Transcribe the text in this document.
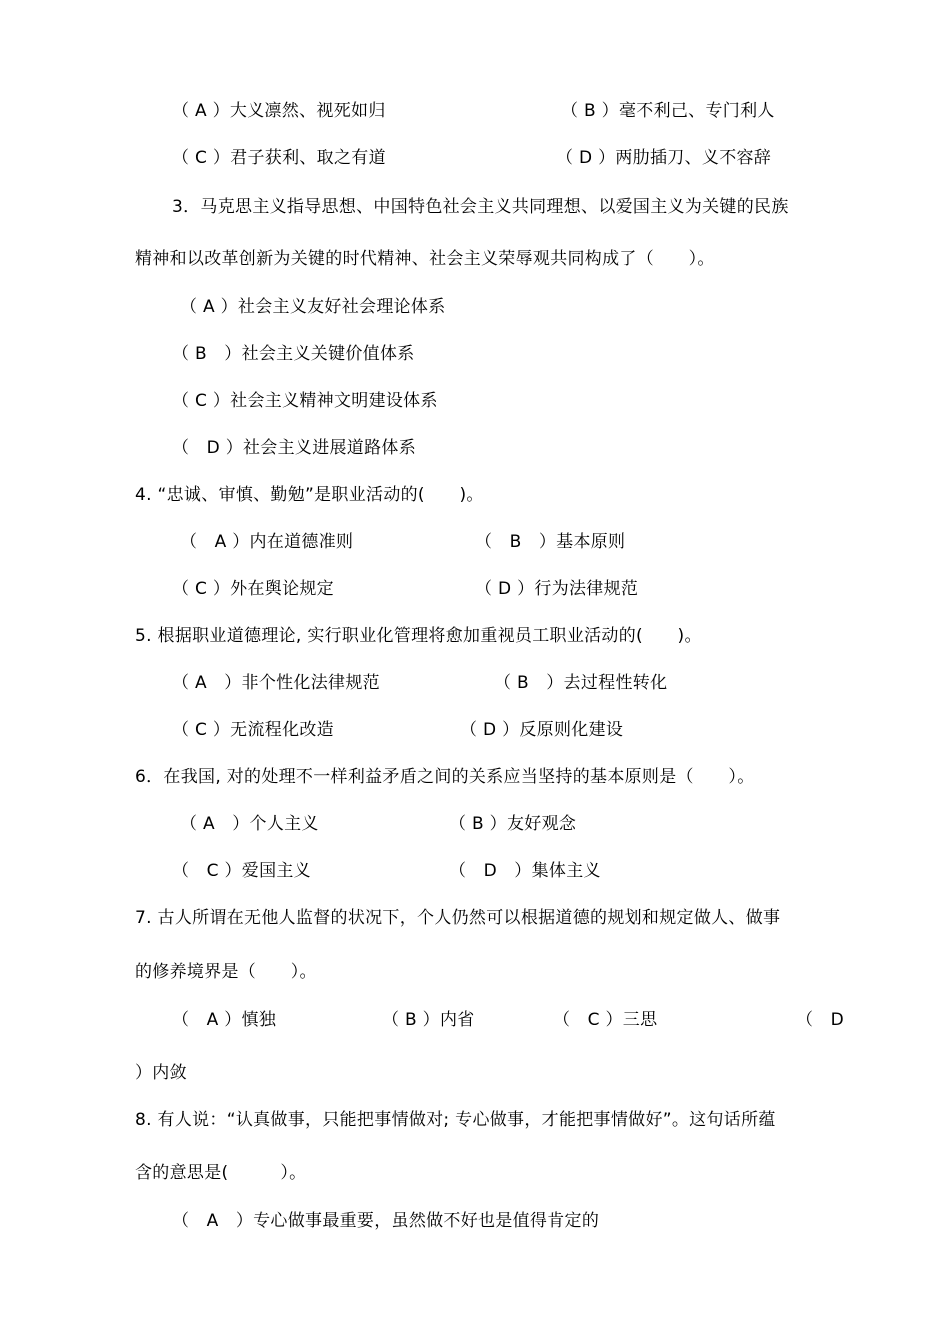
（ A ）大义凛然、视死如归	（ B ）毫不利己、专门利人
（ C ）君子获利、取之有道	（ D ）两肋插刀、义不容辞
3．马克思主义指导思想、中国特色社会主义共同理想、以爱国主义为关键的民族
精神和以改革创新为关键的时代精神、社会主义荣辱观共同构成了（　　）。
（ A ）社会主义友好社会理论体系
（ B　）社会主义关键价值体系
（ C ）社会主义精神文明建设体系
（　D ）社会主义进展道路体系
4. “忠诚、审慎、勤勉”是职业活动的(　　)。
（　A ）内在道德准则	（　B　）基本原则
（ C ）外在舆论规定	（ D ）行为法律规范
5. 根据职业道德理论, 实行职业化管理将愈加重视员工职业活动的(　　)。
（ A　）非个性化法律规范	（ B　）去过程性转化
（ C ）无流程化改造	（ D ）反原则化建设
6．在我国, 对的处理不一样利益矛盾之间的关系应当坚持的基本原则是（　　）。
（ A　）个人主义	（ B ）友好观念
（　C ）爱国主义	（　D　）集体主义
7. 古人所谓在无他人监督的状况下，个人仍然可以根据道德的规划和规定做人、做事
的修养境界是（　　）。
（　A ）慎独	（ B ）内省	（　C ）三思	（　D
）内敛
8. 有人说：“认真做事，只能把事情做对; 专心做事，才能把事情做好”。这句话所蕴
含的意思是(　　　）。
（　A　）专心做事最重要，虽然做不好也是值得肯定的
